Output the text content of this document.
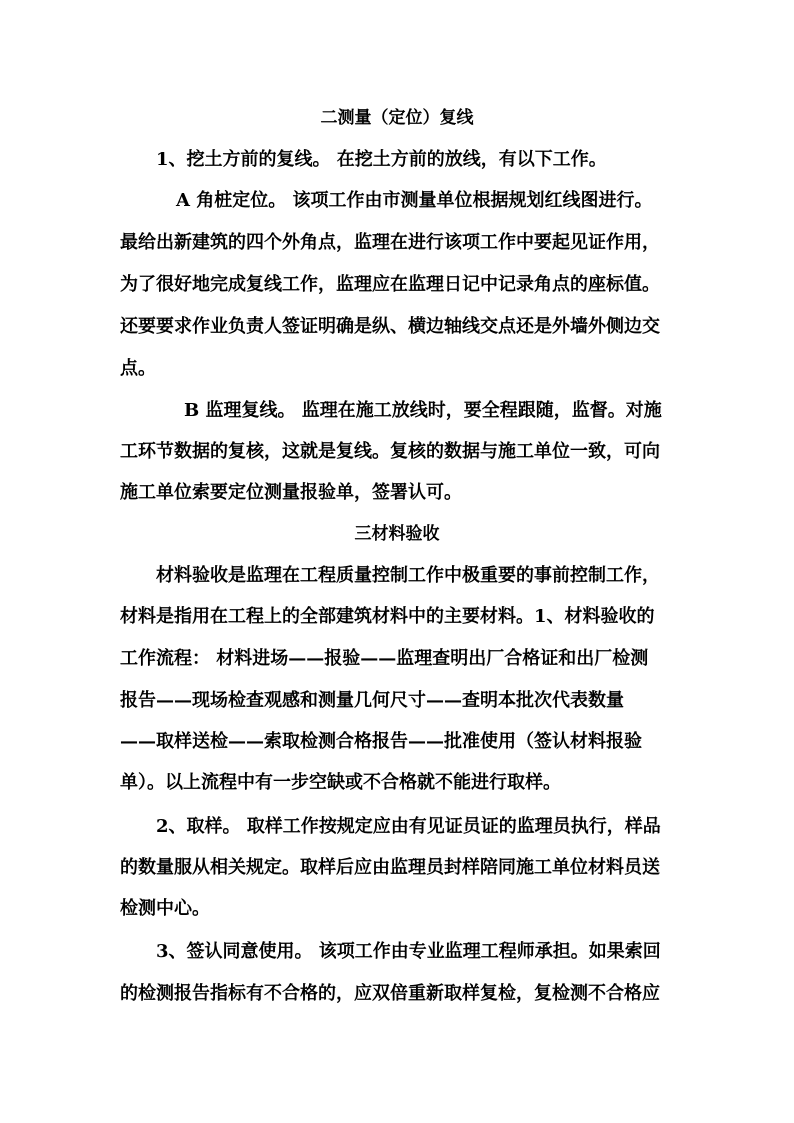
二测量（定位）复线
1、挖土方前的复线。 在挖土方前的放线，有以下工作。
A 角桩定位。 该项工作由市测量单位根据规划红线图进行。
最给出新建筑的四个外角点，监理在进行该项工作中要起见证作用，
为了很好地完成复线工作，监理应在监理日记中记录角点的座标值。
还要要求作业负责人签证明确是纵、横边轴线交点还是外墙外侧边交
点。
B 监理复线。 监理在施工放线时，要全程跟随，监督。对施
工环节数据的复核，这就是复线。复核的数据与施工单位一致，可向
施工单位索要定位测量报验单，签署认可。
三材料验收
材料验收是监理在工程质量控制工作中极重要的事前控制工作，
材料是指用在工程上的全部建筑材料中的主要材料。1、材料验收的
工作流程： 材料进场——报验——监理查明出厂合格证和出厂检测
报告——现场检查观感和测量几何尺寸——查明本批次代表数量
——取样送检——索取检测合格报告——批准使用（签认材料报验
单）。以上流程中有一步空缺或不合格就不能进行取样。
2、取样。 取样工作按规定应由有见证员证的监理员执行，样品
的数量服从相关规定。取样后应由监理员封样陪同施工单位材料员送
检测中心。
3、签认同意使用。 该项工作由专业监理工程师承担。如果索回
的检测报告指标有不合格的，应双倍重新取样复检，复检测不合格应
